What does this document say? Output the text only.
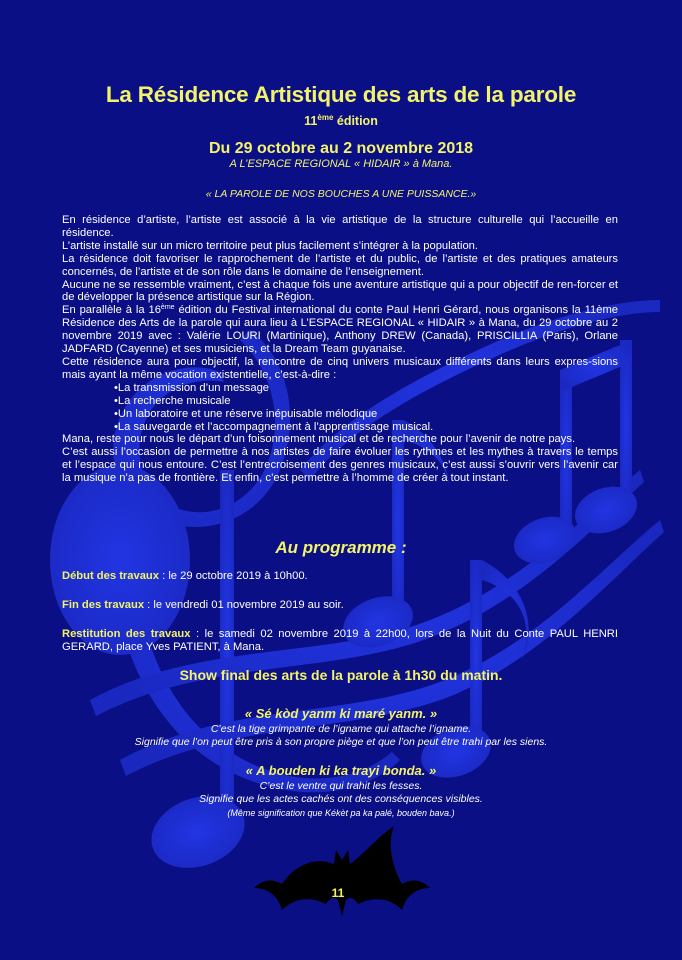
La Résidence Artistique des arts de la parole
11ème édition
Du 29 octobre au 2 novembre 2018
A L’ESPACE REGIONAL « HIDAIR » à Mana.
« LA PAROLE DE NOS BOUCHES A UNE PUISSANCE.»

En résidence d’artiste, l’artiste est associé à la vie artistique de la structure culturelle qui l’accueille en résidence.

L’artiste installé sur un micro territoire peut plus facilement s’intégrer à la population.

La résidence doit favoriser le rapprochement de l’artiste et du public, de l’artiste et des pratiques amateurs concernés, de l’artiste et de son rôle dans le domaine de l’enseignement.

Aucune ne se ressemble vraiment, c’est à chaque fois une aventure artistique qui a pour objectif de ren-forcer et de développer la présence artistique sur la Région.

En parallèle à la 16ème édition du Festival international du conte Paul Henri Gérard, nous organisons la 11ème Résidence des Arts de la parole qui aura lieu à L’ESPACE REGIONAL « HIDAIR » à Mana, du 29 octobre au 2 novembre 2019 avec : Valérie LOURI (Martinique), Anthony DREW (Canada), PRISCILLIA (Paris), Orlane JADFARD (Cayenne) et ses musiciens, et la Dream Team guyanaise.

Cette résidence aura pour objectif, la rencontre de cinq univers musicaux différents dans leurs expres-sions mais ayant la même vocation existentielle, c’est-à-dire :

• La transmission d’un message
• La recherche musicale
• Un laboratoire et une réserve inépuisable mélodique
• La sauvegarde et l’accompagnement à l’apprentissage musical.

Mana, reste pour nous le départ d’un foisonnement musical et de recherche pour l’avenir de notre pays.

C’est aussi l’occasion de permettre à nos artistes de faire évoluer les rythmes et les mythes à travers le temps et l’espace qui nous entoure. C’est l’entrecroisement des genres musicaux, c’est aussi s’ouvrir vers l’avenir car la musique n’a pas de frontière. Et enfin, c’est permettre à l’homme de créer à tout instant.

Au programme :
Début des travaux : le 29 octobre 2019 à 10h00.
Fin des travaux : le vendredi 01 novembre 2019 au soir.
Restitution des travaux : le samedi 02 novembre 2019 à 22h00, lors de la Nuit du Conte PAUL HENRI GERARD, place Yves PATIENT, à Mana.
Show final des arts de la parole à 1h30 du matin.
« Sé kòd yanm ki maré yanm. »
C’est la tige grimpante de l’igname qui attache l’igname.
Signifie que l’on peut être pris à son propre piège et que l’on peut être trahi par les siens.
« A bouden ki ka trayi bonda. »
C’est le ventre qui trahit les fesses.
Signifie que les actes cachés ont des conséquences visibles.
(Même signification que Kékèt pa ka palé, bouden bava.)
11
